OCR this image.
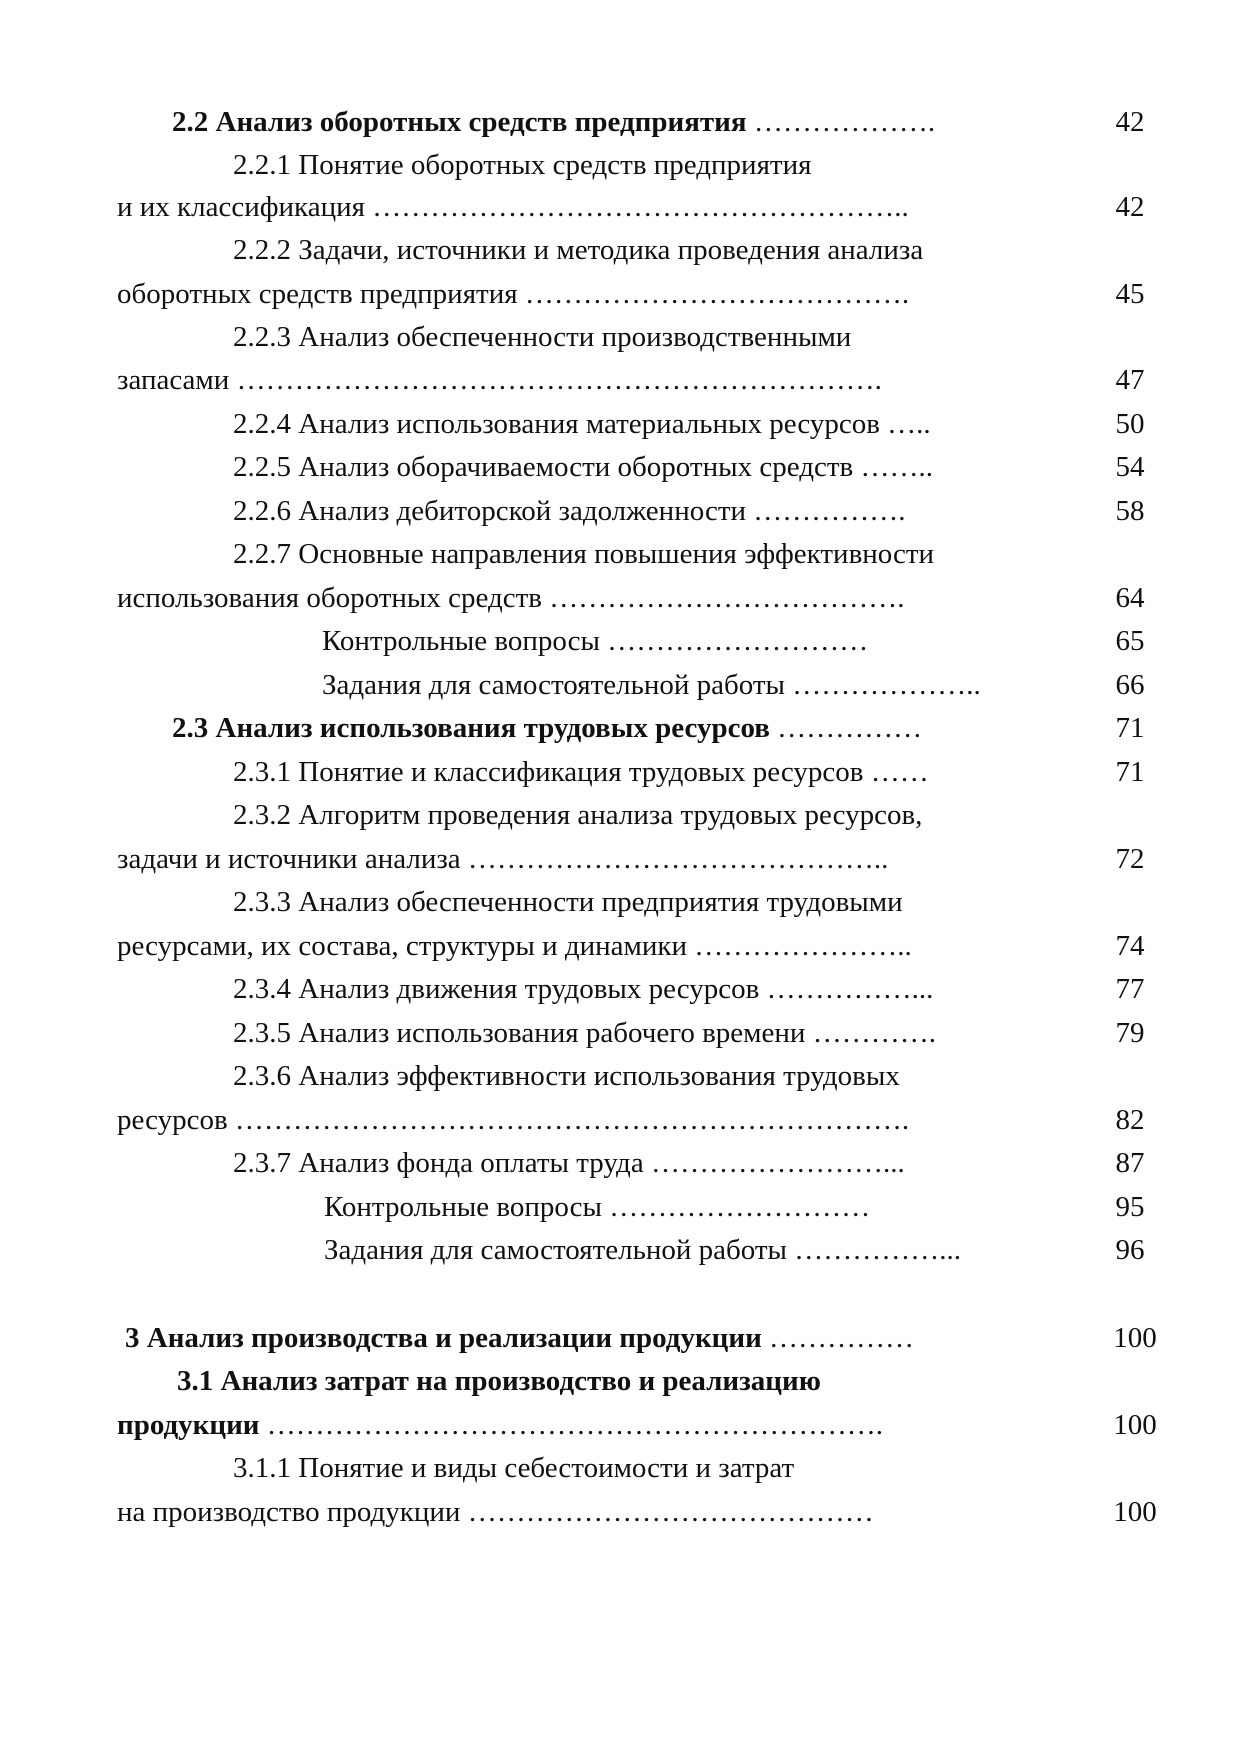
2.2 Анализ оборотных средств предприятия ……………….	42
2.2.1 Понятие оборотных средств предприятия
и их классификация ………………………………………………..	42
2.2.2 Задачи, источники и методика проведения анализа
оборотных средств предприятия ………………………………….	45
2.2.3 Анализ обеспеченности производственными
запасами ………………………………………………………….	47
2.2.4 Анализ использования материальных ресурсов …..	50
2.2.5 Анализ оборачиваемости оборотных средств ……..	54
2.2.6 Анализ дебиторской задолженности …………….	58
2.2.7 Основные направления повышения эффективности
использования оборотных средств ……………………………….	64
Контрольные вопросы ………………………	65
Задания для самостоятельной работы ………………..	66
2.3 Анализ использования трудовых ресурсов ……………	71
2.3.1 Понятие и классификация трудовых ресурсов ……	71
2.3.2 Алгоритм проведения анализа трудовых ресурсов,
задачи и источники анализа ……………………………………..	72
2.3.3 Анализ обеспеченности предприятия трудовыми
ресурсами, их состава, структуры и динамики …………………..	74
2.3.4 Анализ движения трудовых ресурсов ……………...	77
2.3.5 Анализ использования рабочего времени ………….	79
2.3.6 Анализ эффективности использования трудовых
ресурсов …………………………………………………………….	82
2.3.7 Анализ фонда оплаты труда ……………………...	87
Контрольные вопросы ………………………	95
Задания для самостоятельной работы ……………...	96
3 Анализ производства и реализации продукции ……………	100
3.1 Анализ затрат на производство и реализацию
продукции ……………………………………………………….	100
3.1.1 Понятие и виды себестоимости и затрат
на производство продукции ……………………………………	100
